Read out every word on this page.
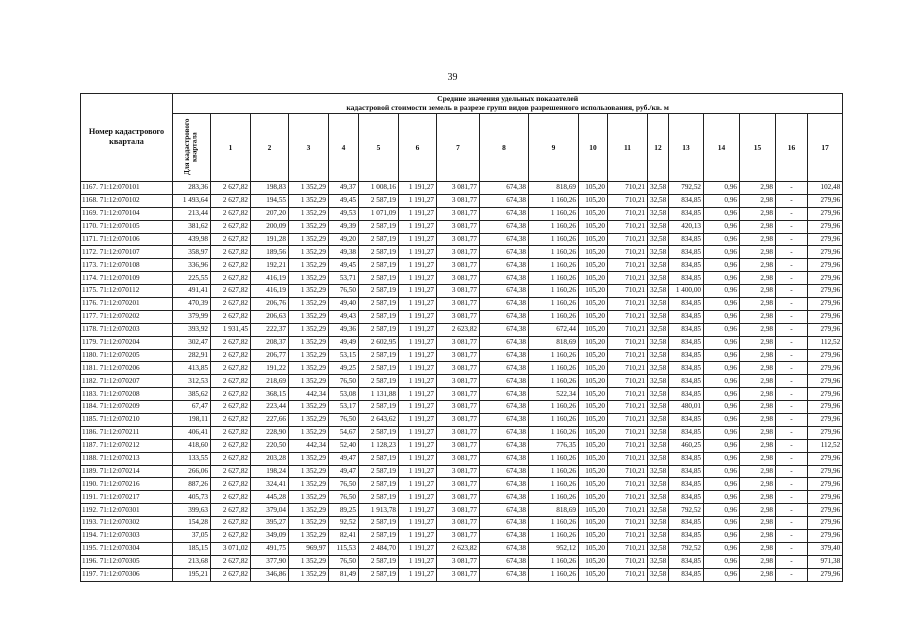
39
Номер кадастрового квартала	Средние значения удельных показателей
кадастровой стоимости земель в разрезе групп видов разрешенного использования, руб./кв. м																	

	Для кадастрового квартала	1	2	3	4	5	6	7	8	9	10	11	12	13	14	15	16	17
1167. 71:12:070101	283,36	2 627,82	198,83	1 352,29	49,37	1 008,16	1 191,27	3 081,77	674,38	818,69	105,20	710,21	32,58	792,52	0,96	2,98	-	102,48
1168. 71:12:070102	1 493,64	2 627,82	194,55	1 352,29	49,45	2 587,19	1 191,27	3 081,77	674,38	1 160,26	105,20	710,21	32,58	834,85	0,96	2,98	-	279,96
1169. 71:12:070104	213,44	2 627,82	207,20	1 352,29	49,53	1 071,09	1 191,27	3 081,77	674,38	1 160,26	105,20	710,21	32,58	834,85	0,96	2,98	-	279,96
1170. 71:12:070105	381,62	2 627,82	200,09	1 352,29	49,39	2 587,19	1 191,27	3 081,77	674,38	1 160,26	105,20	710,21	32,58	420,13	0,96	2,98	-	279,96
1171. 71:12:070106	439,98	2 627,82	191,28	1 352,29	49,20	2 587,19	1 191,27	3 081,77	674,38	1 160,26	105,20	710,21	32,58	834,85	0,96	2,98	-	279,96
1172. 71:12:070107	358,97	2 627,82	189,56	1 352,29	49,38	2 587,19	1 191,27	3 081,77	674,38	1 160,26	105,20	710,21	32,58	834,85	0,96	2,98	-	279,96
1173. 71:12:070108	336,96	2 627,82	192,21	1 352,29	49,45	2 587,19	1 191,27	3 081,77	674,38	1 160,26	105,20	710,21	32,58	834,85	0,96	2,98	-	279,96
1174. 71:12:070109	225,55	2 627,82	416,19	1 352,29	53,71	2 587,19	1 191,27	3 081,77	674,38	1 160,26	105,20	710,21	32,58	834,85	0,96	2,98	-	279,96
1175. 71:12:070112	491,41	2 627,82	416,19	1 352,29	76,50	2 587,19	1 191,27	3 081,77	674,38	1 160,26	105,20	710,21	32,58	1 400,00	0,96	2,98	-	279,96
1176. 71:12:070201	470,39	2 627,82	206,76	1 352,29	49,40	2 587,19	1 191,27	3 081,77	674,38	1 160,26	105,20	710,21	32,58	834,85	0,96	2,98	-	279,96
1177. 71:12:070202	379,99	2 627,82	206,63	1 352,29	49,43	2 587,19	1 191,27	3 081,77	674,38	1 160,26	105,20	710,21	32,58	834,85	0,96	2,98	-	279,96
1178. 71:12:070203	393,92	1 931,45	222,37	1 352,29	49,36	2 587,19	1 191,27	2 623,82	674,38	672,44	105,20	710,21	32,58	834,85	0,96	2,98	-	279,96
1179. 71:12:070204	302,47	2 627,82	208,37	1 352,29	49,49	2 602,95	1 191,27	3 081,77	674,38	818,69	105,20	710,21	32,58	834,85	0,96	2,98	-	112,52
1180. 71:12:070205	282,91	2 627,82	206,77	1 352,29	53,15	2 587,19	1 191,27	3 081,77	674,38	1 160,26	105,20	710,21	32,58	834,85	0,96	2,98	-	279,96
1181. 71:12:070206	413,85	2 627,82	191,22	1 352,29	49,25	2 587,19	1 191,27	3 081,77	674,38	1 160,26	105,20	710,21	32,58	834,85	0,96	2,98	-	279,96
1182. 71:12:070207	312,53	2 627,82	218,69	1 352,29	76,50	2 587,19	1 191,27	3 081,77	674,38	1 160,26	105,20	710,21	32,58	834,85	0,96	2,98	-	279,96
1183. 71:12:070208	385,62	2 627,82	368,15	442,34	53,08	1 131,88	1 191,27	3 081,77	674,38	522,34	105,20	710,21	32,58	834,85	0,96	2,98	-	279,96
1184. 71:12:070209	67,47	2 627,82	223,44	1 352,29	53,17	2 587,19	1 191,27	3 081,77	674,38	1 160,26	105,20	710,21	32,58	480,01	0,96	2,98	-	279,96
1185. 71:12:070210	198,11	2 627,82	227,66	1 352,29	76,50	2 643,62	1 191,27	3 081,77	674,38	1 160,26	105,20	710,21	32,58	834,85	0,96	2,98	-	279,96
1186. 71:12:070211	406,41	2 627,82	228,90	1 352,29	54,67	2 587,19	1 191,27	3 081,77	674,38	1 160,26	105,20	710,21	32,58	834,85	0,96	2,98	-	279,96
1187. 71:12:070212	418,60	2 627,82	220,50	442,34	52,40	1 128,23	1 191,27	3 081,77	674,38	776,35	105,20	710,21	32,58	460,25	0,96	2,98	-	112,52
1188. 71:12:070213	133,55	2 627,82	203,28	1 352,29	49,47	2 587,19	1 191,27	3 081,77	674,38	1 160,26	105,20	710,21	32,58	834,85	0,96	2,98	-	279,96
1189. 71:12:070214	266,06	2 627,82	198,24	1 352,29	49,47	2 587,19	1 191,27	3 081,77	674,38	1 160,26	105,20	710,21	32,58	834,85	0,96	2,98	-	279,96
1190. 71:12:070216	887,26	2 627,82	324,41	1 352,29	76,50	2 587,19	1 191,27	3 081,77	674,38	1 160,26	105,20	710,21	32,58	834,85	0,96	2,98	-	279,96
1191. 71:12:070217	405,73	2 627,82	445,28	1 352,29	76,50	2 587,19	1 191,27	3 081,77	674,38	1 160,26	105,20	710,21	32,58	834,85	0,96	2,98	-	279,96
1192. 71:12:070301	399,63	2 627,82	379,04	1 352,29	89,25	1 913,78	1 191,27	3 081,77	674,38	818,69	105,20	710,21	32,58	792,52	0,96	2,98	-	279,96
1193. 71:12:070302	154,28	2 627,82	395,27	1 352,29	92,52	2 587,19	1 191,27	3 081,77	674,38	1 160,26	105,20	710,21	32,58	834,85	0,96	2,98	-	279,96
1194. 71:12:070303	37,05	2 627,82	349,09	1 352,29	82,41	2 587,19	1 191,27	3 081,77	674,38	1 160,26	105,20	710,21	32,58	834,85	0,96	2,98	-	279,96
1195. 71:12:070304	185,15	3 071,02	491,75	969,97	115,53	2 484,70	1 191,27	2 623,82	674,38	952,12	105,20	710,21	32,58	792,52	0,96	2,98	-	379,40
1196. 71:12:070305	213,68	2 627,82	377,90	1 352,29	76,50	2 587,19	1 191,27	3 081,77	674,38	1 160,26	105,20	710,21	32,58	834,85	0,96	2,98	-	971,38
1197. 71:12:070306	195,21	2 627,82	346,86	1 352,29	81,49	2 587,19	1 191,27	3 081,77	674,38	1 160,26	105,20	710,21	32,58	834,85	0,96	2,98	-	279,96
